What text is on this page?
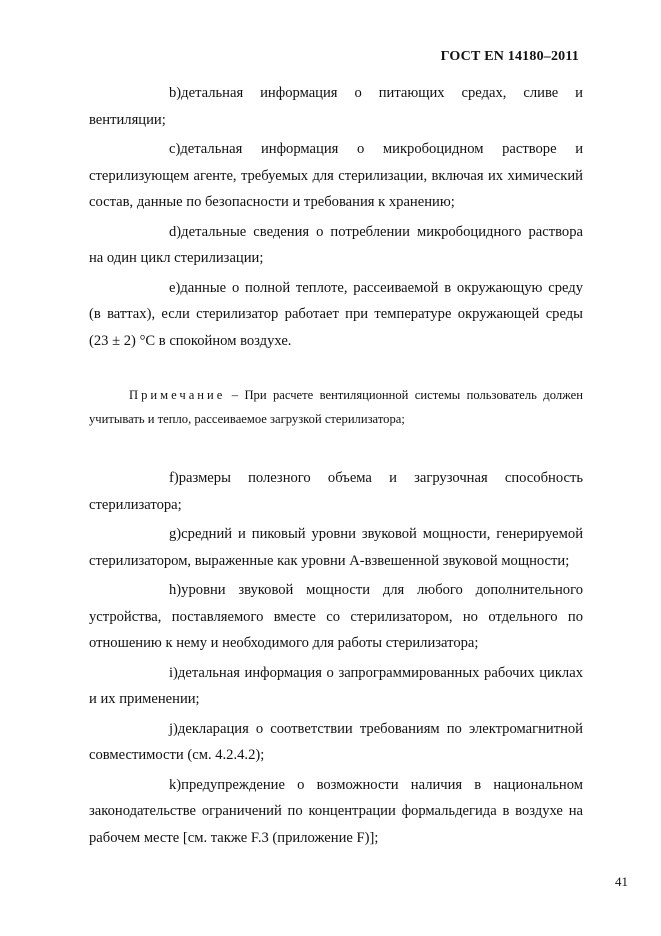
ГОСТ EN 14180–2011

b)детальная информация о питающих средах, сливе и вентиляции;

c)детальная информация о микробоцидном растворе и стерилизующем агенте, требуемых для стерилизации, включая их химический состав, данные по безопасности и требования к хранению;

d)детальные сведения о потреблении микробоцидного раствора на один цикл стерилизации;

e)данные о полной теплоте, рассеиваемой в окружающую среду (в ваттах), если стерилизатор работает при температуре окружающей среды (23 ± 2) °C в спокойном воздухе.

Примечание – При расчете вентиляционной системы пользователь должен учитывать и тепло, рассеиваемое загрузкой стерилизатора;

f)размеры полезного объема и загрузочная способность стерилизатора;

g)средний и пиковый уровни звуковой мощности, генерируемой стерилизатором, выраженные как уровни А-взвешенной звуковой мощности;

h)уровни звуковой мощности для любого дополнительного устройства, поставляемого вместе со стерилизатором, но отдельного по отношению к нему и необходимого для работы стерилизатора;

i)детальная информация о запрограммированных рабочих циклах и их применении;

j)декларация о соответствии требованиям по электромагнитной совместимости (см. 4.2.4.2);

k)предупреждение о возможности наличия в национальном законодательстве ограничений по концентрации формальдегида в воздухе на рабочем месте [см. также F.3 (приложение F)];

41
